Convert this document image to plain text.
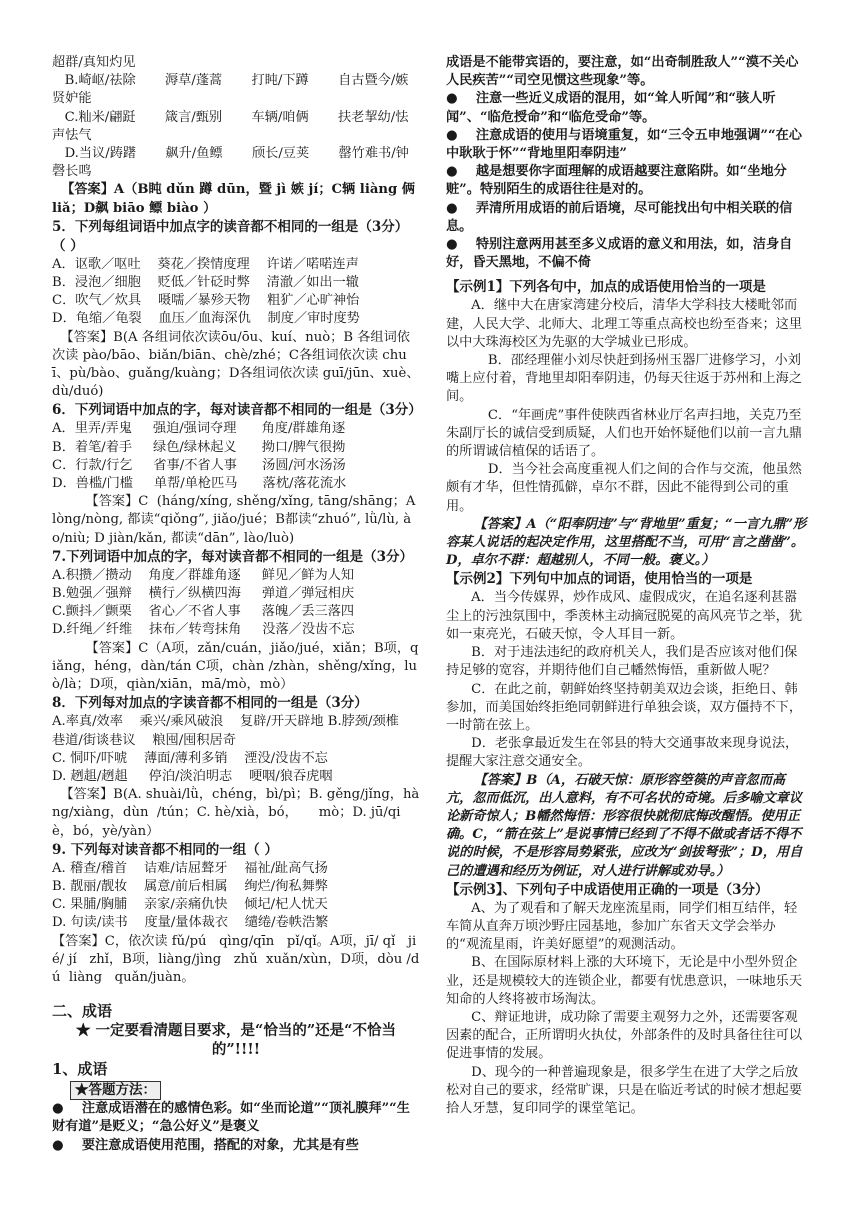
超群/真知灼见

B.崎岖/祛除       溽草/蓬蒿       打盹/下蹲       自古暨今/嫉贤妒能

C.籼米/翩跹       箴言/甄别       车辆/咱俩       扶老挈幼/怯声怯气

D.当议/踌躇       飙升/鱼鳔       颀长/豆荚       罄竹难书/钟磬长鸣

【答案】A（B盹 dǔn 蹲 dūn，暨 jì 嫉 jí；C辆 liàng 俩 liǎ；D飙 biāo 鳔 biào ）

5．下列每组词语中加点字的读音都不相同的一组是（3分） （ ）

A．讴歌／呕吐    葵花／揆情度理    许诺／喏喏连声

B．浸泡／细胞    贬低／针砭时弊    清澈／如出一辙

C．吹气／炊具    嗫嚅／暴殄天物    粗犷／心旷神怡

D．龟缩／龟裂    血压／血海深仇    制度／审时度势

【答案】B(A 各组词依次读ōu/ōu、kuí、nuò；B 各组词依次读 pào/bāo、biǎn/biān、chè/zhé；C各组词依次读 chuī、pù/bào、guǎng/kuàng；D各组词依次读 guī/jūn、xuè、dù/duó)

6．下列词语中加点的字，每对读音都不相同的一组是（3分）

A．里弄/弄鬼     强迫/强词夺理      角度/群雄角逐

B．着笔/着手     绿色/绿林起义      拗口/脾气很拗

C．行款/行乞     省事/不省人事      汤圆/河水汤汤

D．兽槛/门槛     单帮/单枪匹马      落枕/落花流水

【答案】C  (háng/xíng, shěng/xǐng, tāng/shāng；A lòng/nòng, 都读“qiǒng”, jiǎo/jué；B都读“zhuó”, lǜ/lù, ào/niù; D jiàn/kǎn, 都读“dān”, lào/luò)

7.下列词语中加点的字，每对读音都不相同的一组是（3分）

A.积攒／攒动    角度／群雄角逐     鲜见／鲜为人知

B.勉强／强辩    横行／纵横四海     弹道／弹冠相庆

C.颤抖／颤栗    省心／不省人事     落魄／丢三落四

D.纤绳／纤维    抹布／转弯抹角     没落／没齿不忘

【答案】C（A项，zǎn/cuán，jiǎo/jué，xiǎn；B项，qiǎng，héng，dàn/tán C项，chàn /zhàn，shěng/xǐng，luò/là；D项，qiàn/xiān，mā/mò，mò）

8．下列每对加点的字读音都不相同的一组是（3分）

A.率真/效率    乘兴/乘风破浪    复辟/开天辟地 B.脖颈/颈椎     巷道/街谈巷议    粮囤/囤积居奇

C. 恫吓/吓唬    薄面/薄利多销    湮没/没齿不忘

D. 趔趄/趔趄     停泊/淡泊明志    哽咽/狼吞虎咽

【答案】B(A. shuài/lǜ，chéng，bì/pì；B. gěng/jǐng，hàng/xiàng，dùn  /tún；C. hè/xià，bó，     mò；D. jū/qiè，bó，yè/yàn）

9. 下列每对读音都不相同的一组（ ）

A. 稽查/稽首    诘难/诘屈聱牙    福祉/趾高气扬

B. 靓丽/靓妆    属意/前后相属    绚烂/徇私舞弊

C. 果脯/胸脯    亲家/亲痛仇快    倾圮/杞人忧天

D. 句读/读书    度量/量体裁衣    缱绻/卷帙浩繁

【答案】C，依次读 fǔ/pú   qìng/qīn   pǐ/qǐ。A项，jī/ qǐ   jié/ jí   zhǐ，B项，liàng/jìng   zhǔ  xuǎn/xùn，D项，dòu /dú  liàng   quǎn/juàn。

二、成语

★ 一定要看清题目要求，是“恰当的”还是“不恰当的”!!!!

1、成语

★答题方法：

●    注意成语潜在的感情色彩。如“坐而论道”“顶礼膜拜”“生财有道”是贬义；“急公好义”是褒义

●    要注意成语使用范围，搭配的对象，尤其是有些

成语是不能带宾语的，要注意，如“出奇制胜敌人”“漠不关心人民疾苦”“司空见惯这些现象”等。

●    注意一些近义成语的混用，如“耸人听闻”和“骇人听闻”、“临危授命”和“临危受命”等。

●    注意成语的使用与语境重复，如“三令五申地强调”“在心中耿耿于怀”“背地里阳奉阴违”

●    越是想要你字面理解的成语越要注意陷阱。如“坐地分赃”。特别陌生的成语往往是对的。

●    弄清所用成语的前后语境，尽可能找出句中相关联的信息。

●    特别注意两用甚至多义成语的意义和用法，如，洁身自好，昏天黑地，不偏不倚

【示例1】下列各句中，加点的成语使用恰当的一项是

A．继中大在唐家湾建分校后，清华大学科技大楼毗邻而建，人民大学、北师大、北理工等重点高校也纷至沓来；这里以中大珠海校区为先驱的大学城业已形成。

B．邵经理催小刘尽快赶到扬州玉器厂进修学习，小刘嘴上应付着，背地里却阳奉阴违，仍每天往返于苏州和上海之间。

C．“年画虎”事件使陕西省林业厅名声扫地，关克乃至朱副厅长的诚信受到质疑，人们也开始怀疑他们以前一言九鼎的所谓诚信植保的话语了。

D．当今社会高度重视人们之间的合作与交流，他虽然颇有才华，但性情孤僻，卓尔不群，因此不能得到公司的重用。

【答案】A（“阳奉阴违”与“背地里”重复；“一言九鼎”形容某人说话的起决定作用，这里搭配不当，可用“言之凿凿”。D，卓尔不群：超越别人，不同一般。褒义。）

【示例2】下列句中加点的词语，使用恰当的一项是

A．当今传媒界，炒作成风、虚假成灾，在追名逐利甚嚣尘上的污浊氛围中，季羡林主动摘冠脱冕的高风亮节之举，犹如一束亮光，石破天惊，令人耳目一新。

B．对于违法违纪的政府机关人，我们是否应该对他们保持足够的宽容，并期待他们自己幡然悔悟，重新做人呢？

C．在此之前，朝鲜始终坚持朝美双边会谈，拒绝日、韩参加，而美国始终拒绝同朝鲜进行单独会谈，双方僵持不下，一时箭在弦上。

D．老张拿最近发生在邻县的特大交通事故来现身说法，提醒大家注意交通安全。

【答案】B（A，石破天惊：原形容箜篌的声音忽而高亢，忽而低沉，出人意料，有不可名状的奇境。后多喻文章议论新奇惊人；B幡然悔悟：形容很快就彻底悔改醒悟。使用正确。C，“箭在弦上”是说事情已经到了不得不做或者话不得不说的时候，不是形容局势紧张，应改为“剑拔弩张”；D，用自己的遭遇和经历为例证，对人进行讲解或劝导。）

【示例3】、下列句子中成语使用正确的一项是（3分）

A、为了观看和了解天龙座流星雨，同学们相互结伴，轻车简从直奔万顷沙野庄园基地，参加广东省天文学会举办的“观流星雨，许美好愿望”的观测活动。

B、在国际原材料上涨的大环境下，无论是中小型外贸企业，还是规模较大的连锁企业，都要有忧患意识，一味地乐天知命的人终将被市场淘汰。

C、辩证地讲，成功除了需要主观努力之外，还需要客观因素的配合，正所谓明火执仗，外部条件的及时具备往往可以促进事情的发展。

D、现今的一种普遍现象是，很多学生在进了大学之后放松对自己的要求，经常旷课，只是在临近考试的时候才想起要拾人牙慧，复印同学的课堂笔记。
